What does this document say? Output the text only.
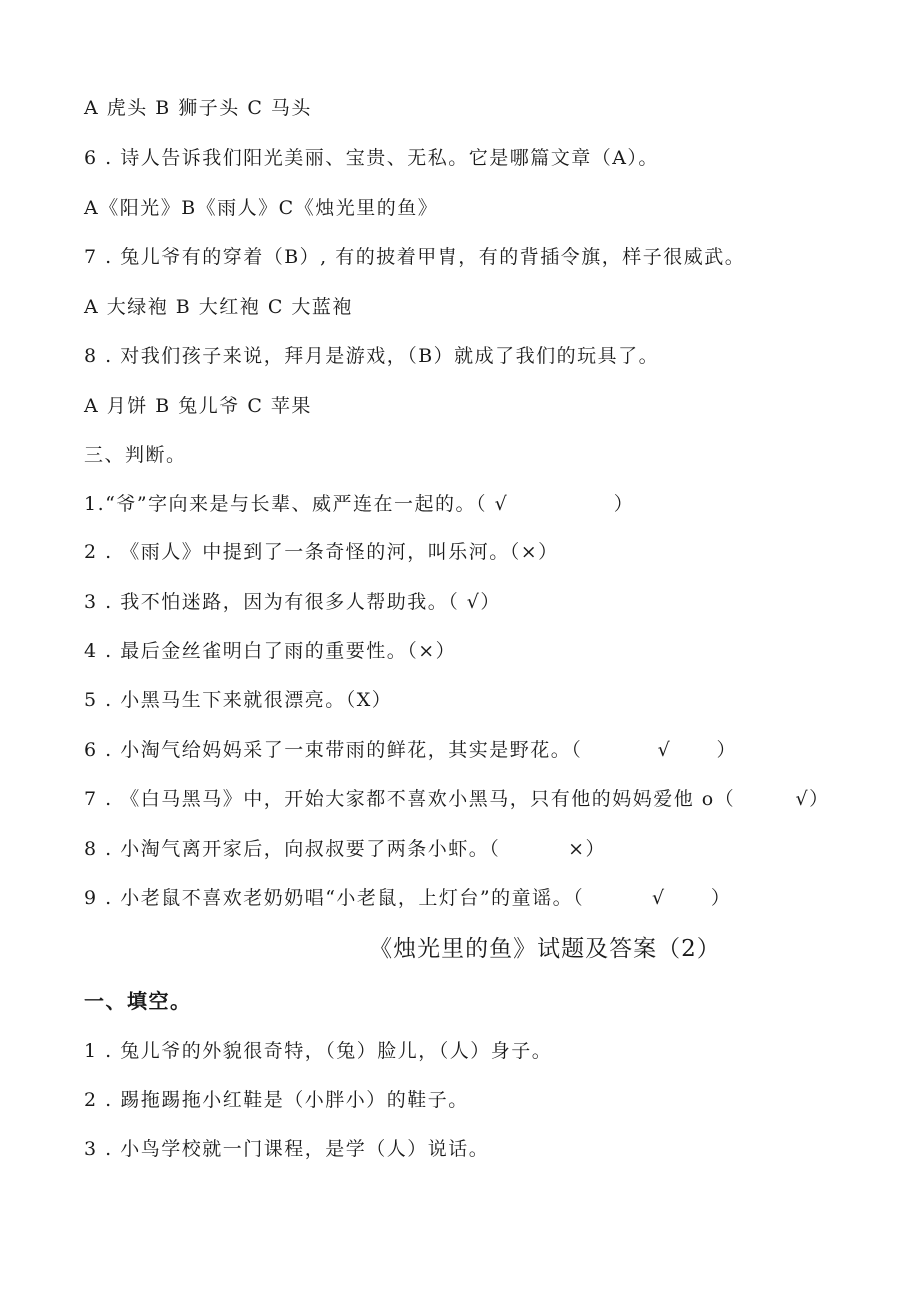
A 虎头 B 狮子头 C 马头
6 . 诗人告诉我们阳光美丽、宝贵、无私。它是哪篇文章（A）。
A《阳光》B《雨人》C《烛光里的鱼》
7 . 兔儿爷有的穿着（B）, 有的披着甲胄，有的背插令旗，样子很威武。
A 大绿袍 B 大红袍 C 大蓝袍
8 . 对我们孩子来说，拜月是游戏，（B）就成了我们的玩具了。
A 月饼 B 兔儿爷 C 苹果
三、判断。
1.“爷”字向来是与长辈、威严连在一起的。（ √              ）
2 . 《雨人》中提到了一条奇怪的河，叫乐河。（×）
3 . 我不怕迷路，因为有很多人帮助我。（ √）
4 . 最后金丝雀明白了雨的重要性。（×）
5 . 小黑马生下来就很漂亮。（X）
6 . 小淘气给妈妈采了一束带雨的鲜花，其实是野花。（          √      ）
7 . 《白马黑马》中，开始大家都不喜欢小黑马，只有他的妈妈爱他 o（        √）
8 . 小淘气离开家后，向叔叔要了两条小虾。（         ×）
9 . 小老鼠不喜欢老奶奶唱“小老鼠，上灯台”的童谣。（         √      ）
《烛光里的鱼》试题及答案（2）
一、填空。
1 . 兔儿爷的外貌很奇特，（兔）脸儿，（人）身子。
2 . 踢拖踢拖小红鞋是（小胖小）的鞋子。
3 . 小鸟学校就一门课程，是学（人）说话。
